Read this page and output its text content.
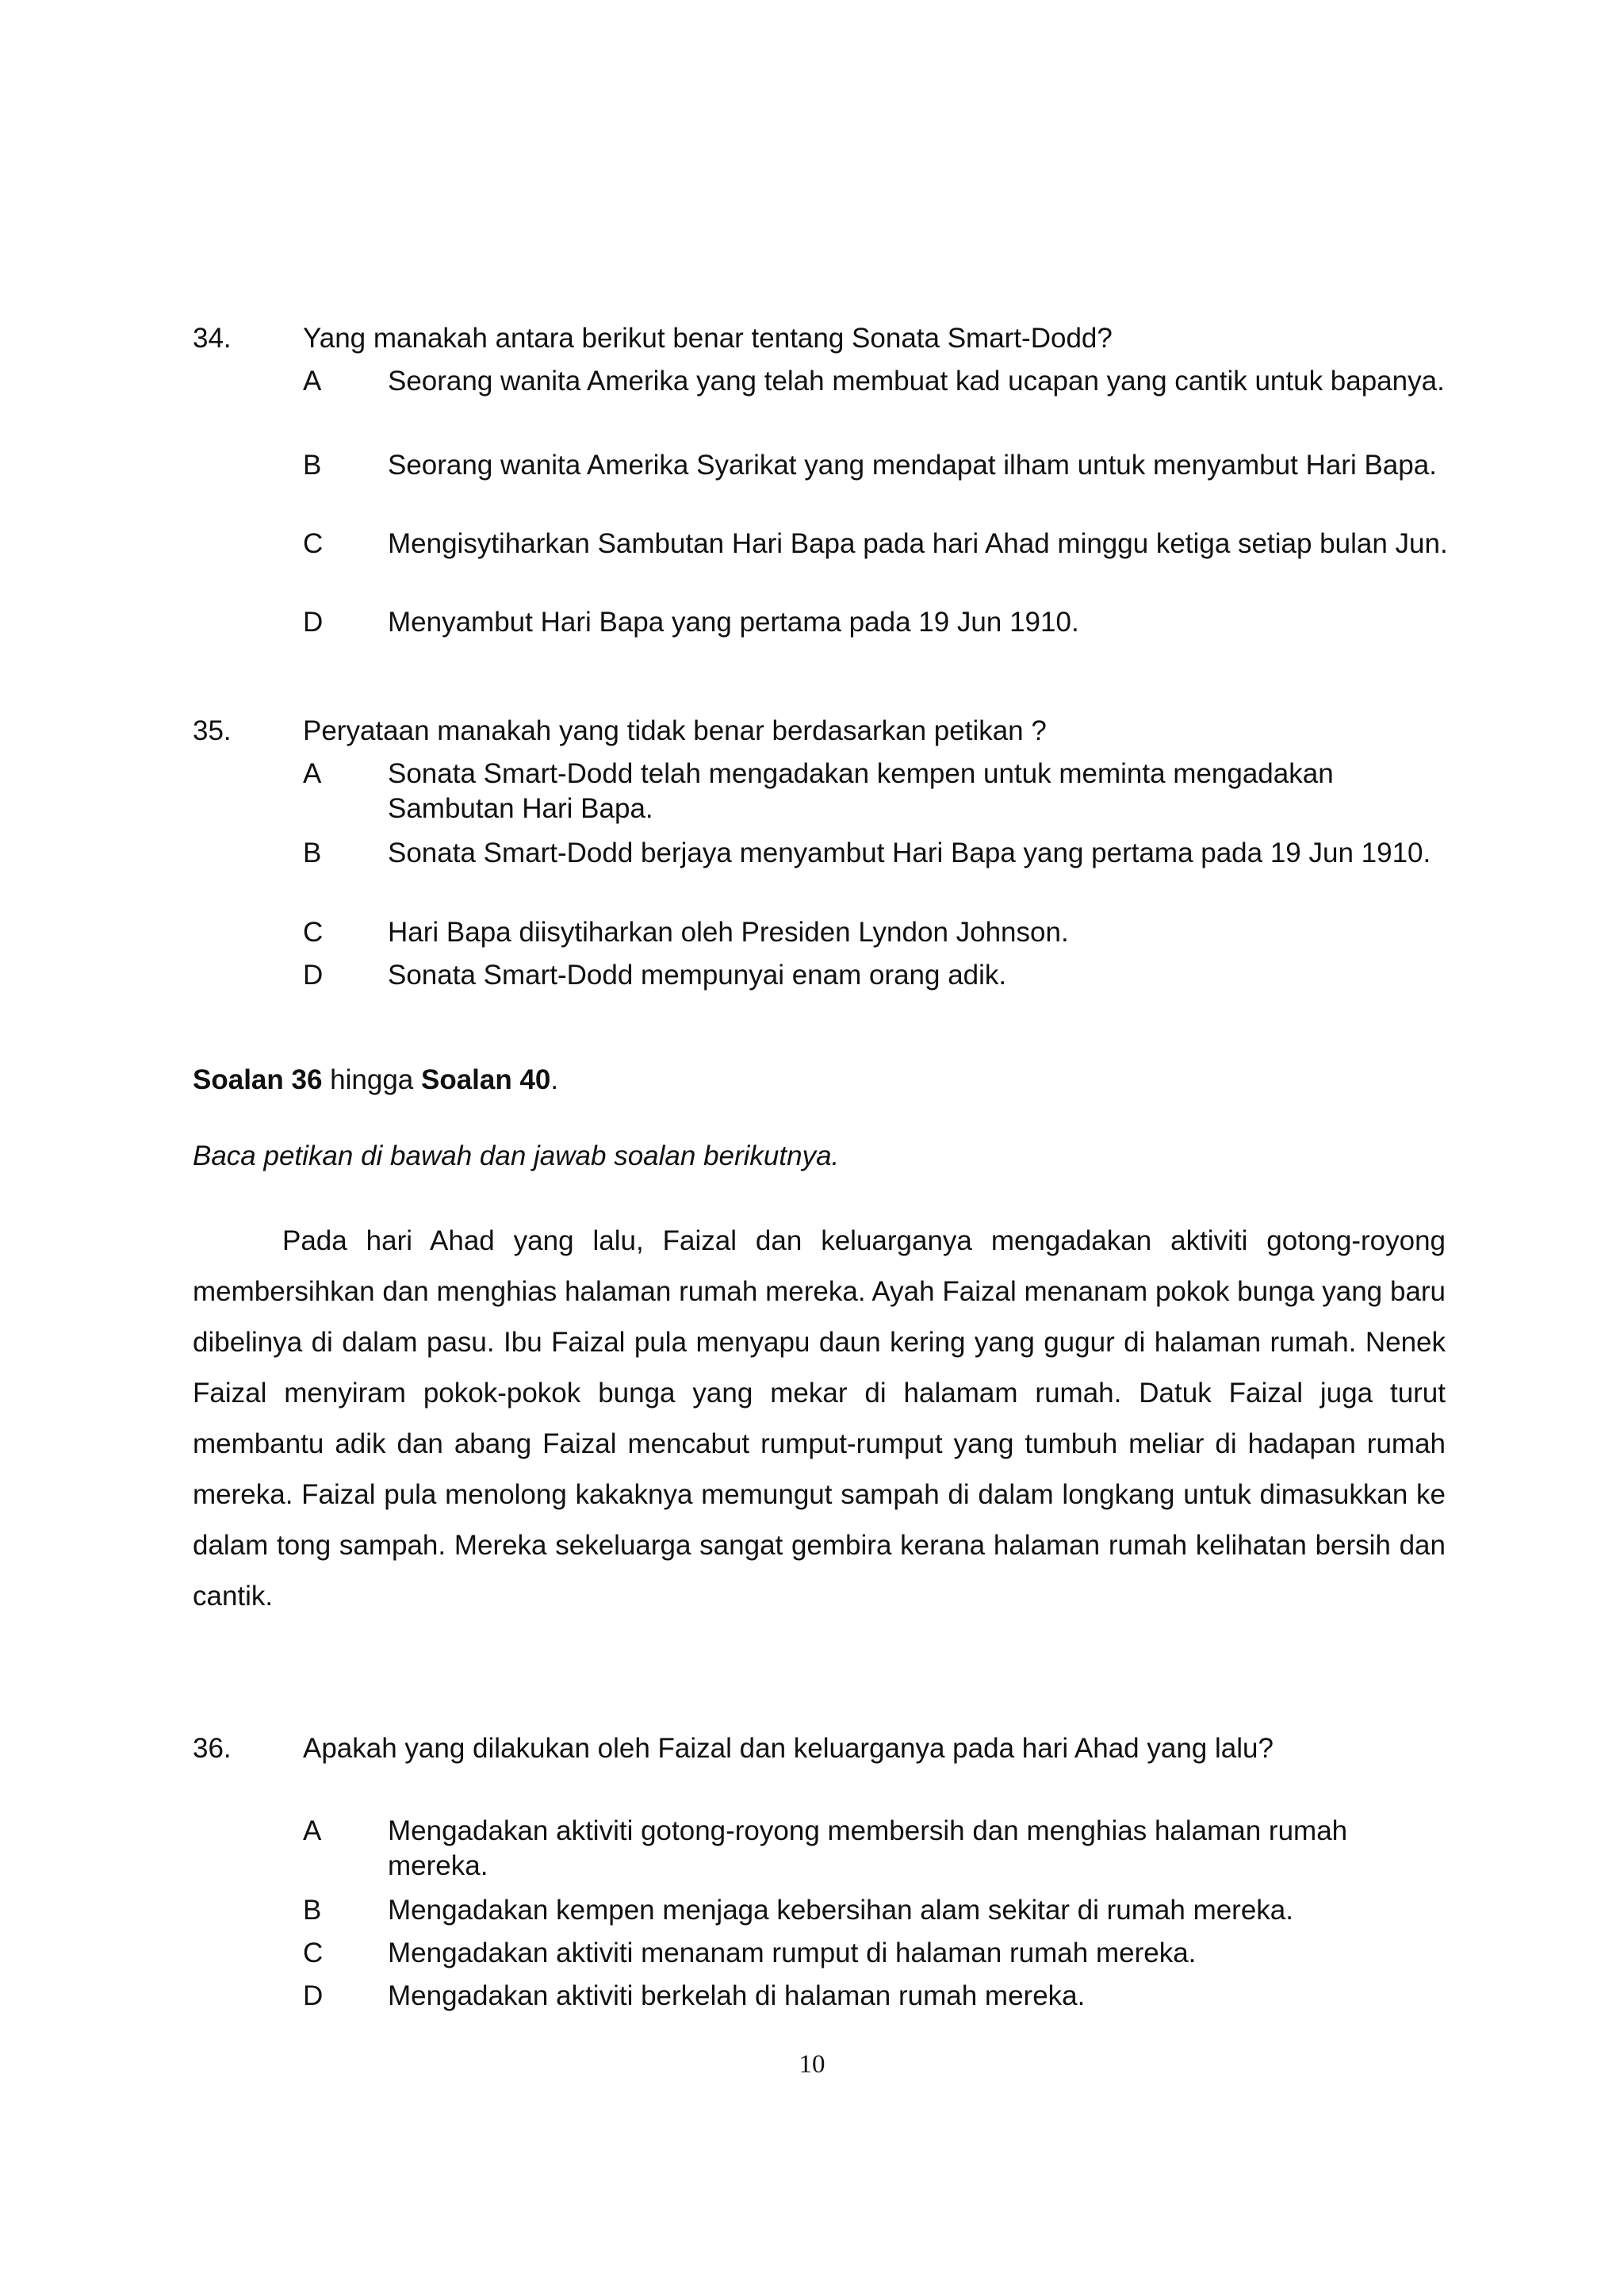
34.	Yang manakah antara berikut benar tentang Sonata Smart-Dodd?
A Seorang wanita Amerika yang telah membuat kad ucapan yang cantik untuk bapanya.
B Seorang wanita Amerika Syarikat yang mendapat ilham untuk menyambut Hari Bapa.
C Mengisytiharkan Sambutan Hari Bapa pada hari Ahad minggu ketiga setiap bulan Jun.
D Menyambut Hari Bapa yang pertama pada 19 Jun 1910.
35.	Peryataan manakah yang tidak benar berdasarkan petikan ?
A Sonata Smart-Dodd telah mengadakan kempen untuk meminta mengadakan Sambutan Hari Bapa.
B Sonata Smart-Dodd berjaya menyambut Hari Bapa yang pertama pada 19 Jun 1910.
C Hari Bapa diisytiharkan oleh Presiden Lyndon Johnson.
D Sonata Smart-Dodd mempunyai enam orang adik.
Soalan 36 hingga Soalan 40.
Baca petikan di bawah dan jawab soalan berikutnya.
Pada hari Ahad yang lalu, Faizal dan keluarganya mengadakan aktiviti gotong-royong membersihkan dan menghias halaman rumah mereka. Ayah Faizal menanam pokok bunga yang baru dibelinya di dalam pasu. Ibu Faizal pula menyapu daun kering yang gugur di halaman rumah. Nenek Faizal menyiram pokok-pokok bunga yang mekar di halamam rumah. Datuk Faizal juga turut membantu adik dan abang Faizal mencabut rumput-rumput yang tumbuh meliar di hadapan rumah mereka. Faizal pula menolong kakaknya memungut sampah di dalam longkang untuk dimasukkan ke dalam tong sampah. Mereka sekeluarga sangat gembira kerana halaman rumah kelihatan bersih dan cantik.
36.	Apakah yang dilakukan oleh Faizal dan keluarganya pada hari Ahad yang lalu?
A Mengadakan aktiviti gotong-royong membersih dan menghias halaman rumah mereka.
B Mengadakan kempen menjaga kebersihan alam sekitar di rumah mereka.
C Mengadakan aktiviti menanam rumput di halaman rumah mereka.
D Mengadakan aktiviti berkelah di halaman rumah mereka.
10
